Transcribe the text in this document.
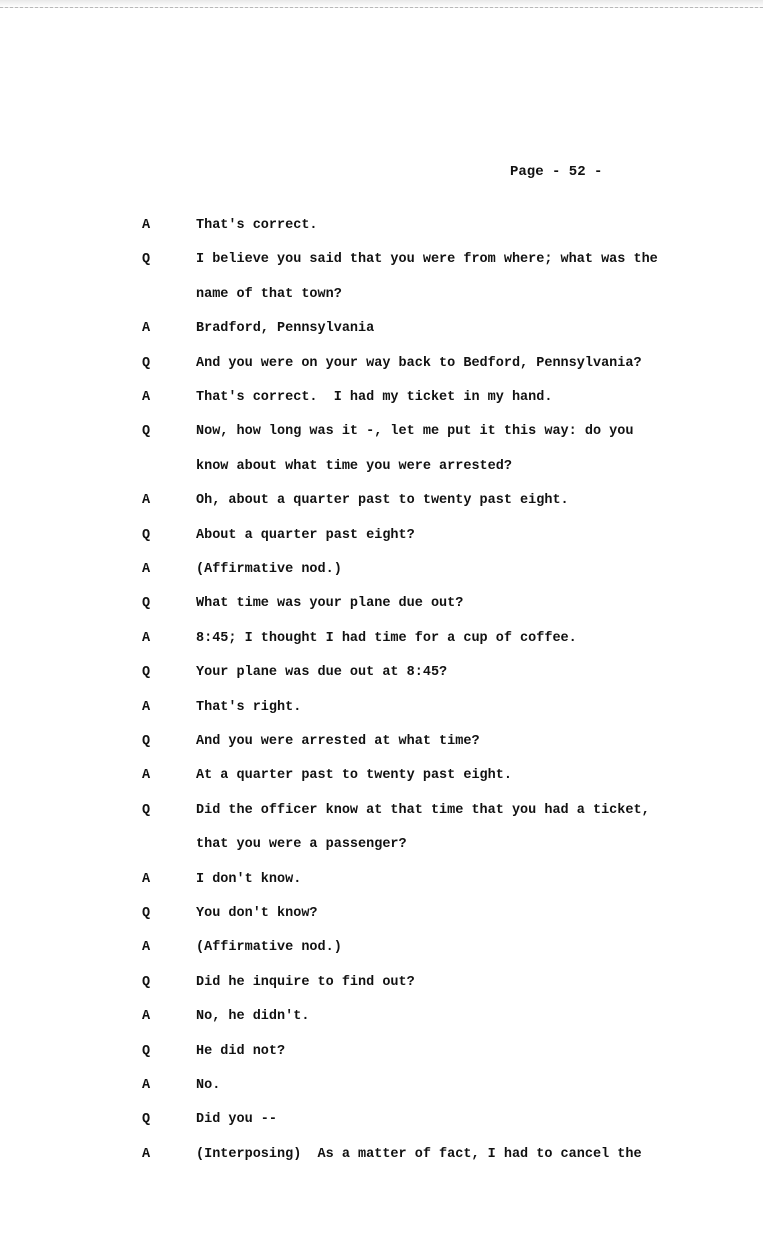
Page - 52 -
A	That's correct.
Q	I believe you said that you were from where; what was the
name of that town?
A	Bradford, Pennsylvania
Q	And you were on your way back to Bedford, Pennsylvania?
A	That's correct.  I had my ticket in my hand.
Q	Now, how long was it -, let me put it this way: do you
know about what time you were arrested?
A	Oh, about a quarter past to twenty past eight.
Q	About a quarter past eight?
A	(Affirmative nod.)
Q	What time was your plane due out?
A	8:45; I thought I had time for a cup of coffee.
Q	Your plane was due out at 8:45?
A	That's right.
Q	And you were arrested at what time?
A	At a quarter past to twenty past eight.
Q	Did the officer know at that time that you had a ticket,
that you were a passenger?
A	I don't know.
Q	You don't know?
A	(Affirmative nod.)
Q	Did he inquire to find out?
A	No, he didn't.
Q	He did not?
A	No.
Q	Did you --
A	(Interposing)  As a matter of fact, I had to cancel the
